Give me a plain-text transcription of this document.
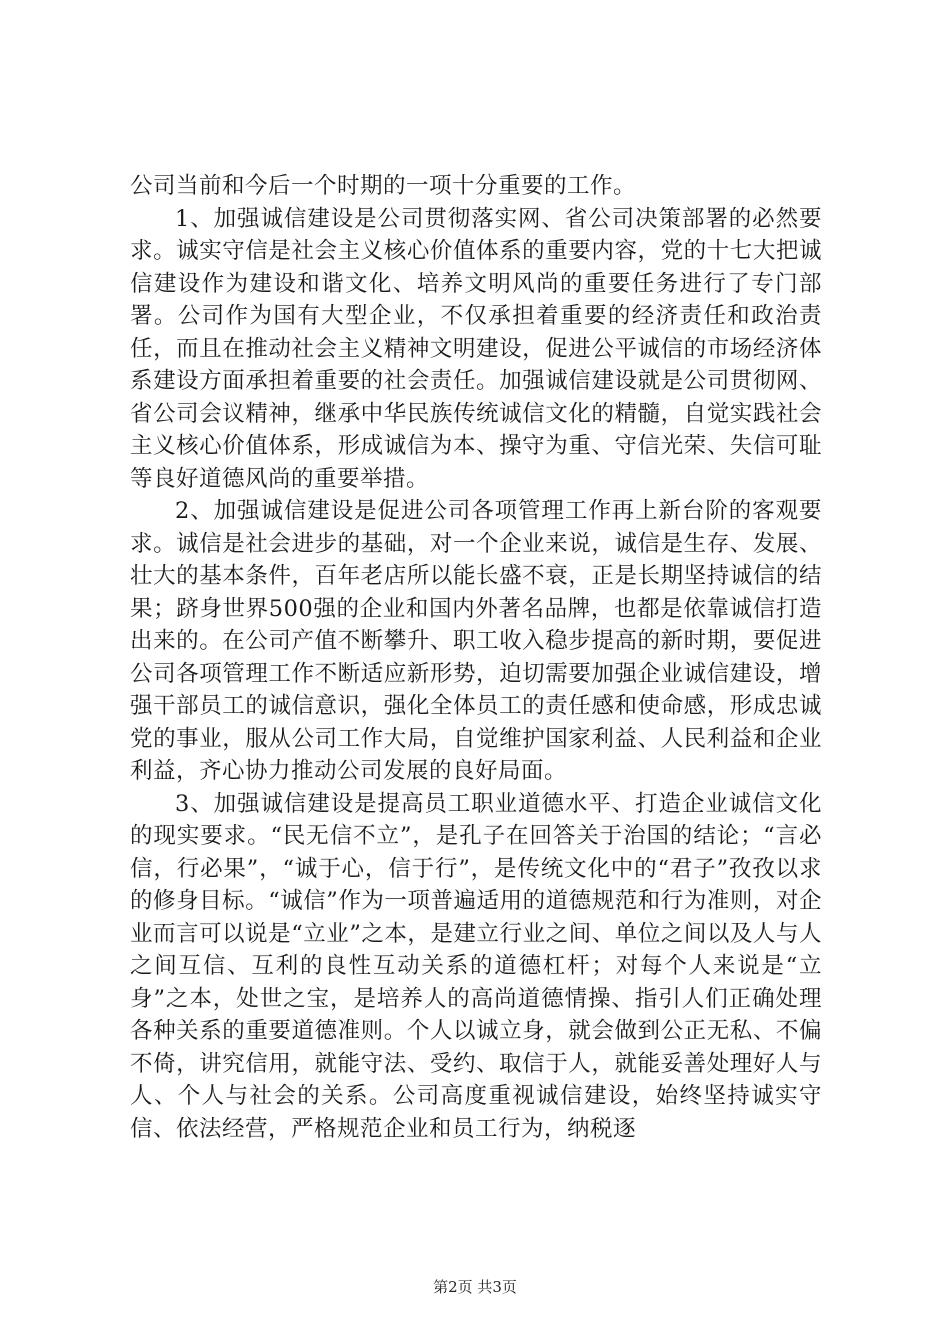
公司当前和今后一个时期的一项十分重要的工作。

1、加强诚信建设是公司贯彻落实网、省公司决策部署的必然要求。诚实守信是社会主义核心价值体系的重要内容，党的十七大把诚信建设作为建设和谐文化、培养文明风尚的重要任务进行了专门部署。公司作为国有大型企业，不仅承担着重要的经济责任和政治责任，而且在推动社会主义精神文明建设，促进公平诚信的市场经济体系建设方面承担着重要的社会责任。加强诚信建设就是公司贯彻网、省公司会议精神，继承中华民族传统诚信文化的精髓，自觉实践社会主义核心价值体系，形成诚信为本、操守为重、守信光荣、失信可耻等良好道德风尚的重要举措。

2、加强诚信建设是促进公司各项管理工作再上新台阶的客观要求。诚信是社会进步的基础，对一个企业来说，诚信是生存、发展、壮大的基本条件，百年老店所以能长盛不衰，正是长期坚持诚信的结果；跻身世界500强的企业和国内外著名品牌，也都是依靠诚信打造出来的。在公司产值不断攀升、职工收入稳步提高的新时期，要促进公司各项管理工作不断适应新形势，迫切需要加强企业诚信建设，增强干部员工的诚信意识，强化全体员工的责任感和使命感，形成忠诚党的事业，服从公司工作大局，自觉维护国家利益、人民利益和企业利益，齐心协力推动公司发展的良好局面。

3、加强诚信建设是提高员工职业道德水平、打造企业诚信文化的现实要求。“民无信不立”，是孔子在回答关于治国的结论；“言必信，行必果”，“诚于心，信于行”，是传统文化中的“君子”孜孜以求的修身目标。“诚信”作为一项普遍适用的道德规范和行为准则，对企业而言可以说是“立业”之本，是建立行业之间、单位之间以及人与人之间互信、互利的良性互动关系的道德杠杆；对每个人来说是“立身”之本，处世之宝，是培养人的高尚道德情操、指引人们正确处理各种关系的重要道德准则。个人以诚立身，就会做到公正无私、不偏不倚，讲究信用，就能守法、受约、取信于人，就能妥善处理好人与人、个人与社会的关系。公司高度重视诚信建设，始终坚持诚实守信、依法经营，严格规范企业和员工行为，纳税逐

第2页 共3页
